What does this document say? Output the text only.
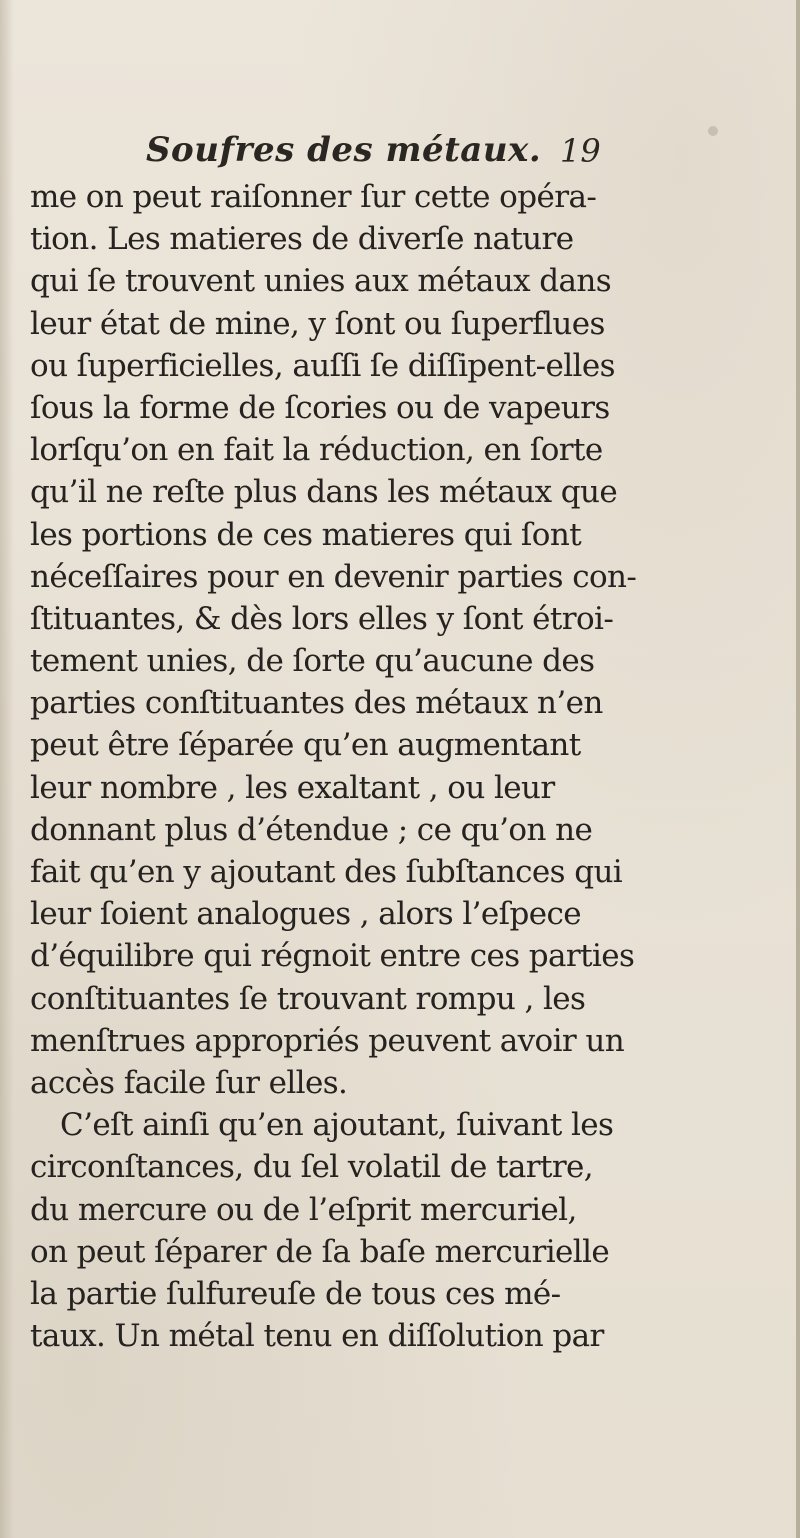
Soufres des métaux. 19
me on peut raiſonner ſur cette opéra-
tion. Les matieres de diverſe nature
qui ſe trouvent unies aux métaux dans
leur état de mine, y ſont ou ſuperflues
ou ſuperficielles, auſſi ſe diſſipent-elles
ſous la forme de ſcories ou de vapeurs
lorſqu’on en fait la réduction, en ſorte
qu’il ne reſte plus dans les métaux que
les portions de ces matieres qui ſont
néceſſaires pour en devenir parties con-
ſtituantes, & dès lors elles y ſont étroi-
tement unies, de ſorte qu’aucune des
parties conſtituantes des métaux n’en
peut être ſéparée qu’en augmentant
leur nombre , les exaltant , ou leur
donnant plus d’étendue ; ce qu’on ne
fait qu’en y ajoutant des ſubſtances qui
leur ſoient analogues , alors l’eſpece
d’équilibre qui régnoit entre ces parties
conſtituantes ſe trouvant rompu , les
menſtrues appropriés peuvent avoir un
accès facile ſur elles.
C’eſt ainſi qu’en ajoutant, ſuivant les
circonſtances, du ſel volatil de tartre,
du mercure ou de l’eſprit mercuriel,
on peut ſéparer de ſa baſe mercurielle
la partie ſulfureuſe de tous ces mé-
taux. Un métal tenu en diſſolution par
